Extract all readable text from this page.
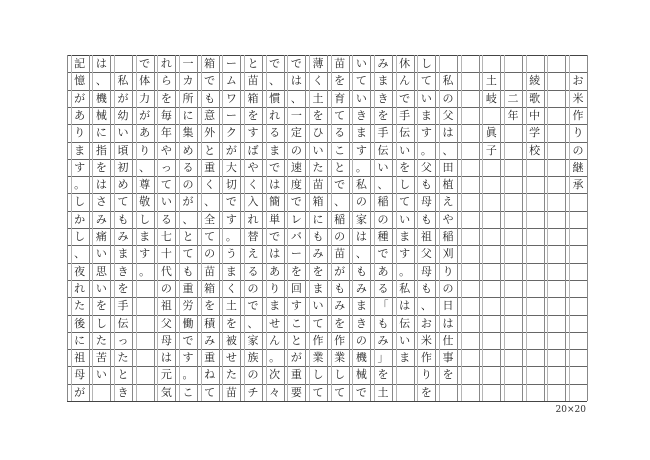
お
米
作
り
の
継
承
綾
歌
中
学
校
二
年
土
岐
眞
子
私
の
父
は
、
田
植
え
や
稲
刈
り
の
日
は
仕
事
を
し
て
い
ま
す
。
父
も
母
も
祖
父
母
も
、
お
米
作
り
を
休
ん
で
手
伝
い
を
し
て
い
ま
す
。
私
は
伝
い
ま
み
ま
き
を
手
伝
い
、
稲
の
種
で
あ
る
「
も
み
」
を
土
い
て
い
き
ま
す
。
私
の
家
は
、
も
み
ま
き
の
機
械
で
苗
を
育
て
る
こ
と
で
、
稲
の
苗
が
も
み
を
作
業
し
て
薄
く
土
を
ひ
い
た
苗
箱
に
も
み
を
ま
い
て
作
業
し
て
で
は
、
一
定
の
速
度
で
レ
バ
ー
を
回
す
こ
と
が
重
要
で
、
慣
れ
る
ま
で
は
簡
単
で
は
あ
り
ま
せ
ん
。
次
々
と
苗
箱
を
す
ば
や
く
入
れ
替
え
る
の
で
、
家
族
の
チ
ー
ム
ワ
ー
ク
が
大
切
で
す
。
う
ま
く
土
を
被
せ
た
苗
箱
で
も
意
外
と
重
く
、
全
て
の
苗
箱
を
積
み
重
ね
て
一
カ
所
に
集
め
る
の
が
、
と
て
も
重
労
働
で
す
。
こ
れ
ら
を
毎
年
や
っ
て
い
る
七
十
代
の
祖
父
母
は
元
気
で
体
力
が
あ
り
、
尊
敬
し
ま
す
。
私
が
幼
い
頃
初
め
て
も
み
ま
き
を
手
伝
っ
た
と
き
は
、
機
械
に
指
を
は
さ
み
痛
い
思
い
を
し
た
苦
い
記
憶
が
あ
り
ま
す
。
し
か
し
、
夜
れ
た
後
に
祖
母
が
20×20
